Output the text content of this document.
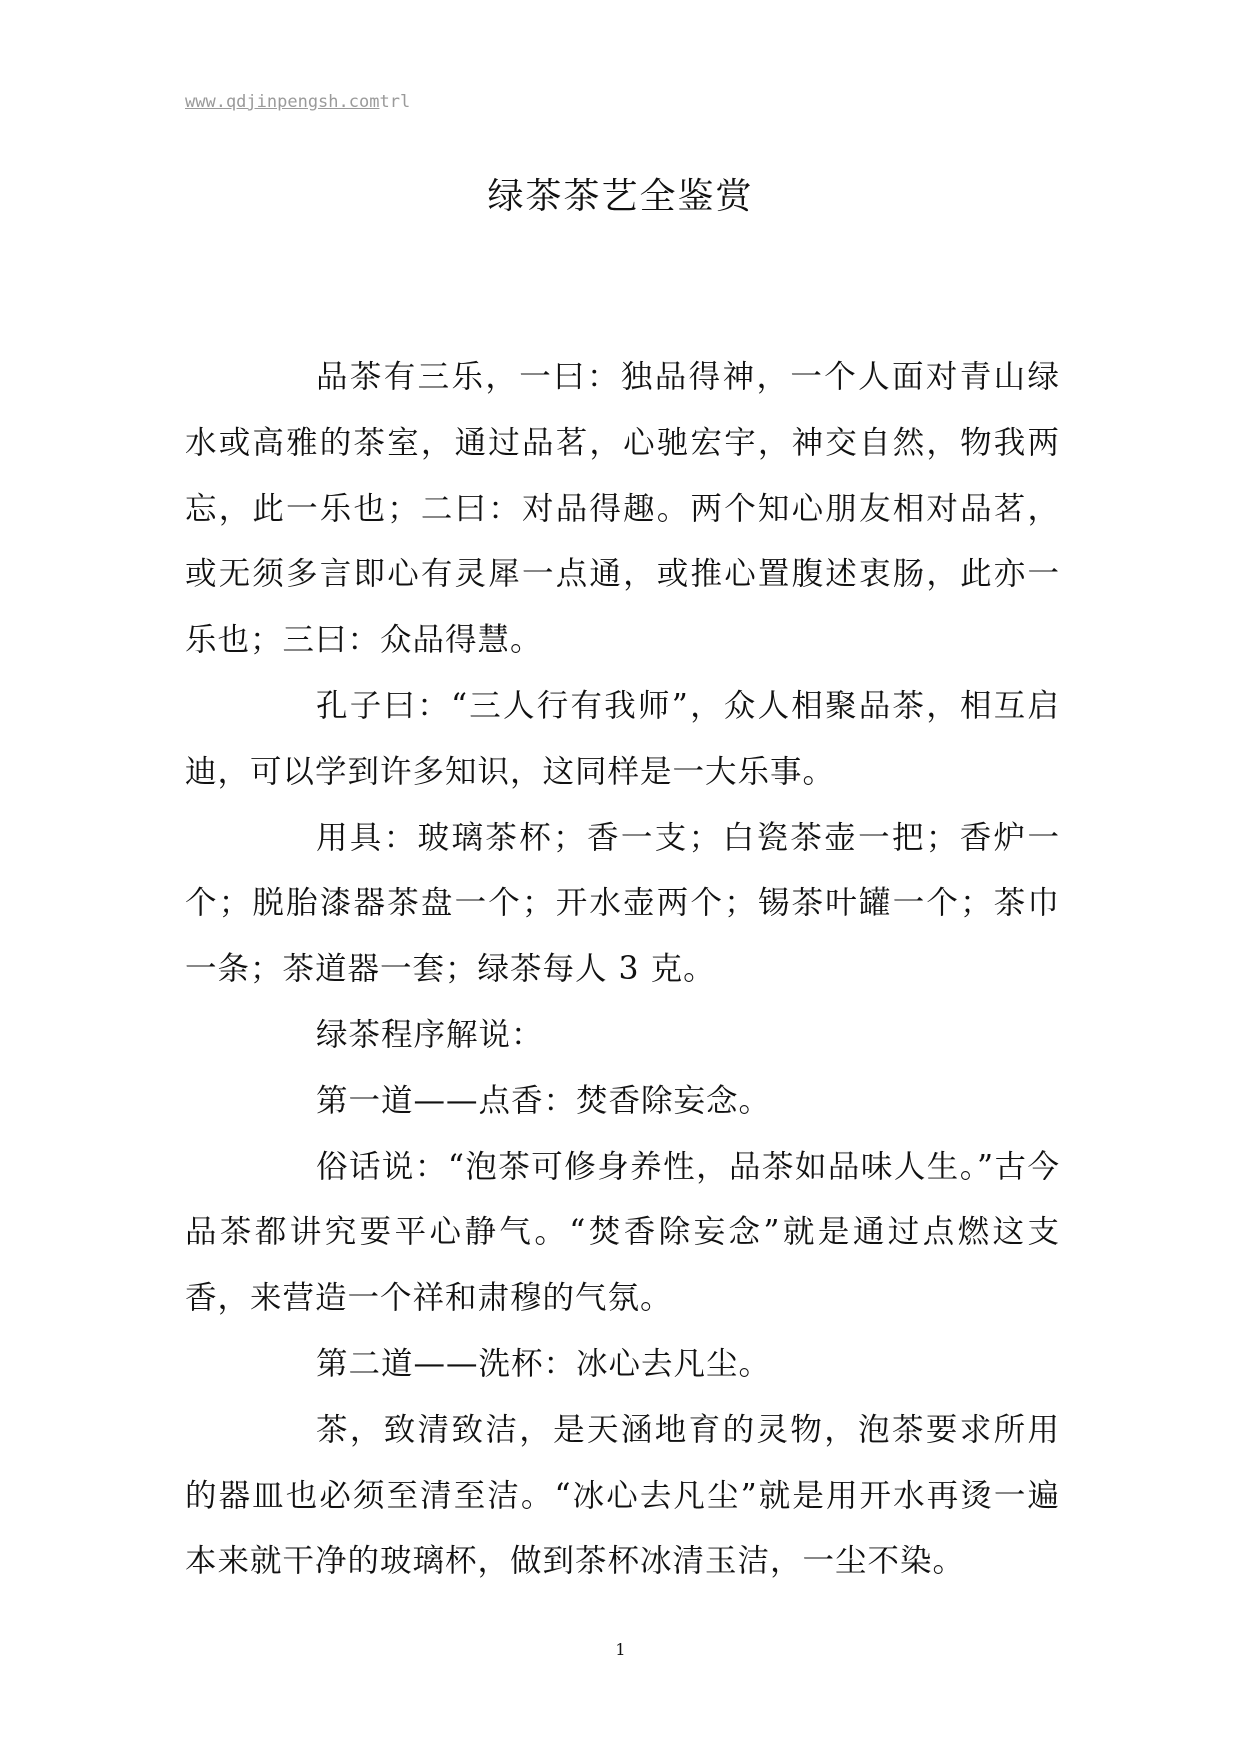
www.qdjinpengsh.comtrl
绿茶茶艺全鉴赏

品茶有三乐，一曰：独品得神，一个人面对青山绿水或高雅的茶室，通过品茗，心驰宏宇，神交自然，物我两忘，此一乐也；二曰：对品得趣。两个知心朋友相对品茗，或无须多言即心有灵犀一点通，或推心置腹述衷肠，此亦一乐也；三曰：众品得慧。

孔子曰：“三人行有我师”，众人相聚品茶，相互启迪，可以学到许多知识，这同样是一大乐事。

用具：玻璃茶杯；香一支；白瓷茶壶一把；香炉一个；脱胎漆器茶盘一个；开水壶两个；锡茶叶罐一个；茶巾一条；茶道器一套；绿茶每人 3 克。

绿茶程序解说：

第一道——点香：焚香除妄念。

俗话说：“泡茶可修身养性，品茶如品味人生。”古今品茶都讲究要平心静气。“焚香除妄念”就是通过点燃这支香，来营造一个祥和肃穆的气氛。

第二道——洗杯：冰心去凡尘。

茶，致清致洁，是天涵地育的灵物，泡茶要求所用的器皿也必须至清至洁。“冰心去凡尘”就是用开水再烫一遍本来就干净的玻璃杯，做到茶杯冰清玉洁，一尘不染。

1
